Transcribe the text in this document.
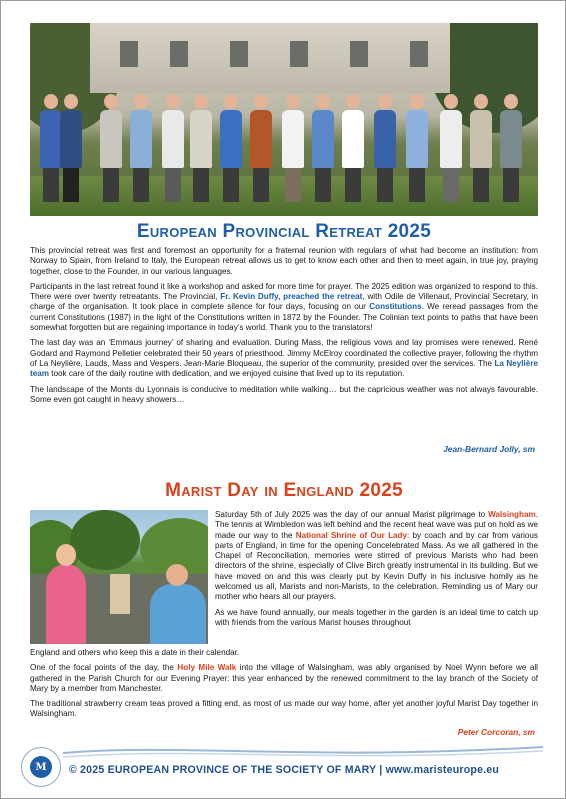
European Provincial Retreat 2025

This provincial retreat was first and foremost an opportunity for a fraternal reunion with regulars of what had become an institution: from Norway to Spain, from Ireland to Italy, the European retreat allows us to get to know each other and then to meet again, in true joy, praying together, close to the Founder, in our various languages.

Participants in the last retreat found it like a workshop and asked for more time for prayer. The 2025 edition was organized to respond to this. There were over twenty retreatants. The Provincial, Fr. Kevin Duffy, preached the retreat, with Odile de Villenaut, Provincial Secretary, in charge of the organisation. It took place in complete silence for four days, focusing on our Constitutions. We reread passages from the current Constitutions (1987) in the light of the Constitutions written in 1872 by the Founder. The Colinian text points to paths that have been somewhat forgotten but are regaining importance in today’s world. Thank you to the translators!

The last day was an ‘Emmaus journey’ of sharing and evaluation. During Mass, the religious vows and lay promises were renewed. René Godard and Raymond Pelletier celebrated their 50 years of priesthood. Jimmy McElroy coordinated the collective prayer, following the rhythm of La Neylière, Lauds, Mass and Vespers. Jean-Marie Bloqueau, the superior of the community, presided over the services. The La Neylière team took care of the daily routine with dedication, and we enjoyed cuisine that lived up to its reputation.

The landscape of the Monts du Lyonnais is conducive to meditation while walking… but the capricious weather was not always favourable. Some even got caught in heavy showers…

Jean-Bernard Jolly, sm
Marist Day in England 2025

Saturday 5th of July 2025 was the day of our annual Marist pilgrimage to Walsingham. The tennis at Wimbledon was left behind and the recent heat wave was put on hold as we made our way to the National Shrine of Our Lady: by coach and by car from various parts of England, in time for the opening Concelebrated Mass. As we all gathered in the Chapel of Reconciliation, memories were stirred of previous Marists who had been directors of the shrine, especially of Clive Birch greatly instrumental in its building. But we have moved on and this was clearly put by Kevin Duffy in his inclusive homily as he welcomed us all, Marists and non-Marists, to the celebration. Reminding us of Mary our mother who hears all our prayers.

As we have found annually, our meals together in the garden is an ideal time to catch up with friends from the various Marist houses throughout

England and others who keep this a date in their calendar.

One of the focal points of the day, the Holy Mile Walk into the village of Walsingham, was ably organised by Noel Wynn before we all gathered in the Parish Church for our Evening Prayer: this year enhanced by the renewed commitment to the lay branch of the Society of Mary by a member from Manchester.

The traditional strawberry cream teas proved a fitting end, as most of us made our way home, after yet another joyful Marist Day together in Walsingham.

Peter Corcoran, sm
M	© 2025 EUROPEAN PROVINCE OF THE SOCIETY OF MARY | www.maristeurope.eu
